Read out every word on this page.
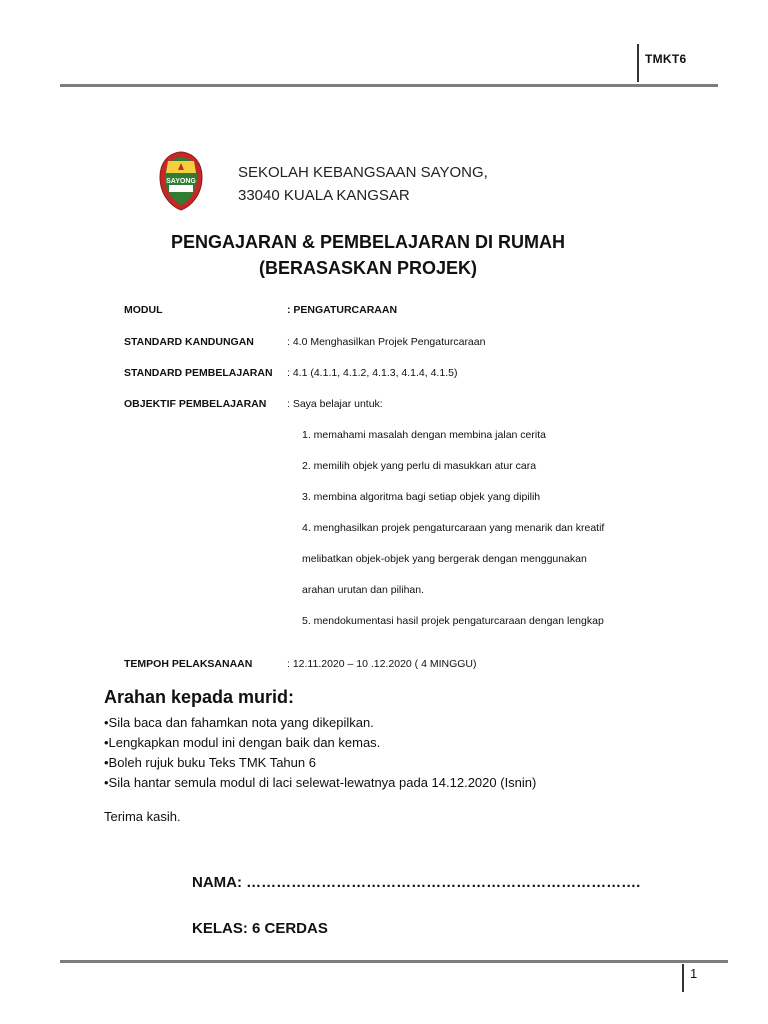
TMKT6
SAYONG
SEKOLAH KEBANGSAAN SAYONG,
33040 KUALA KANGSAR
PENGAJARAN & PEMBELAJARAN DI RUMAH
(BERASASKAN PROJEK)
MODUL	: PENGATURCARAAN
STANDARD KANDUNGAN	: 4.0 Menghasilkan Projek Pengaturcaraan
STANDARD PEMBELAJARAN : 4.1 (4.1.1, 4.1.2, 4.1.3, 4.1.4, 4.1.5)
OBJEKTIF PEMBELAJARAN : Saya belajar untuk:
1. memahami masalah dengan membina jalan cerita
2. memilih objek yang perlu di masukkan atur cara
3. membina algoritma bagi setiap objek yang dipilih
4. menghasilkan projek pengaturcaraan yang menarik dan kreatif
melibatkan objek-objek yang bergerak dengan menggunakan
arahan urutan dan pilihan.
5. mendokumentasi hasil projek pengaturcaraan dengan lengkap
TEMPOH PELAKSANAAN	: 12.11.2020 – 10 .12.2020 ( 4 MINGGU)
Arahan kepada murid:
•Sila baca dan fahamkan nota yang dikepilkan.
•Lengkapkan modul ini dengan baik dan kemas.
•Boleh rujuk buku Teks TMK Tahun 6
•Sila hantar semula modul di laci selewat-lewatnya pada 14.12.2020 (Isnin)
Terima kasih.
NAMA: …………………………………………………………………….
KELAS: 6 CERDAS
1
